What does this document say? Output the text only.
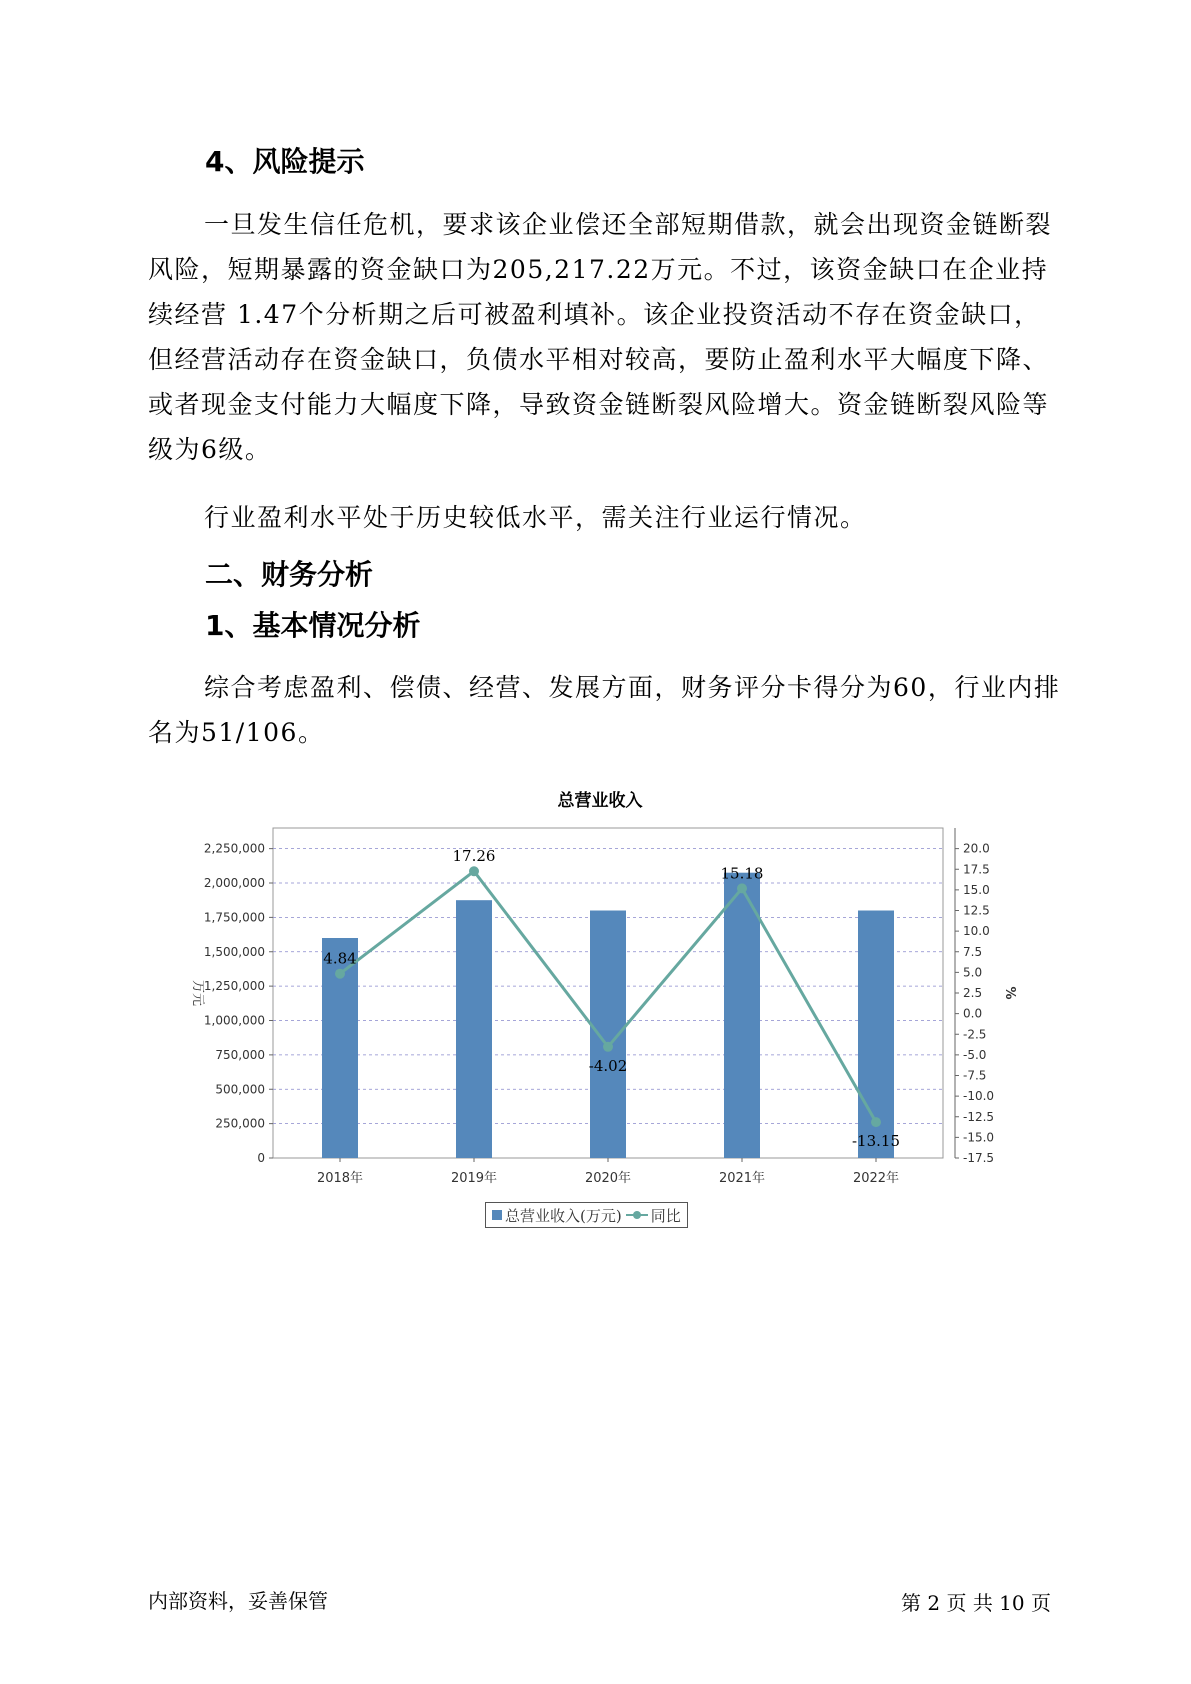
4、风险提示

一旦发生信任危机，要求该企业偿还全部短期借款，就会出现资金链断裂风险，短期暴露的资金缺口为205,217.22万元。不过，该资金缺口在企业持续经营 1.47个分析期之后可被盈利填补。该企业投资活动不存在资金缺口，但经营活动存在资金缺口，负债水平相对较高，要防止盈利水平大幅度下降、或者现金支付能力大幅度下降，导致资金链断裂风险增大。资金链断裂风险等级为6级。

行业盈利水平处于历史较低水平，需关注行业运行情况。

二、财务分析
1、基本情况分析

综合考虑盈利、偿债、经营、发展方面，财务评分卡得分为60，行业内排名为51/106。

总营业收入
0
250,000
500,000
750,000
1,000,000
1,250,000
1,500,000
1,750,000
2,000,000
2,250,000
-17.5
-15.0
-12.5
-10.0
-7.5
-5.0
-2.5
0.0
2.5
5.0
7.5
10.0
12.5
15.0
17.5
20.0
万元	%
2018年	2019年	2020年	2021年	2022年
4.84
17.26
-4.02
15.18
-13.15
总营业收入(万元) 同比
内部资料，妥善保管	第 2 页 共 10 页
